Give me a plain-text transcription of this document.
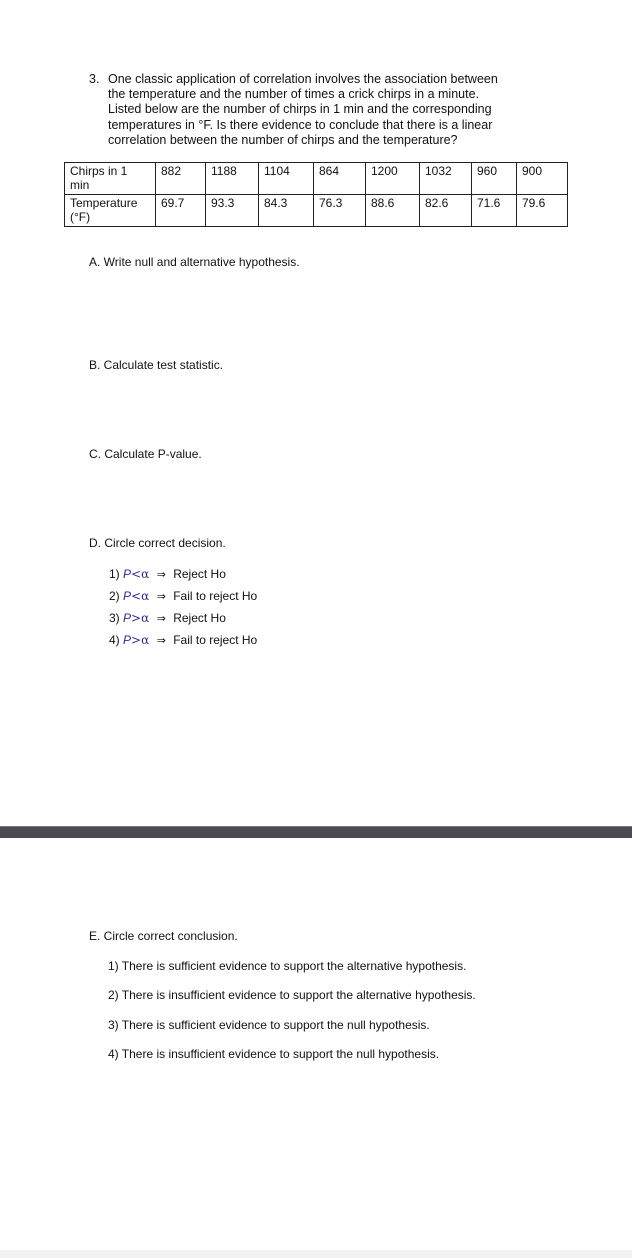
3. One classic application of correlation involves the association between
the temperature and the number of times a crick chirps in a minute.
Listed below are the number of chirps in 1 min and the corresponding
temperatures in °F. Is there evidence to conclude that there is a linear
correlation between the number of chirps and the temperature?
Chirps in 1
min	882	1188	1104	864	1200	1032	960	900

Temperature
(°F)	69.7	93.3	84.3	76.3	88.6	82.6	71.6	79.6
A. Write null and alternative hypothesis.
B. Calculate test statistic.
C. Calculate P-value.
D. Circle correct decision.
1) P<α ⇒ Reject Ho
2) P<α ⇒ Fail to reject Ho
3) P>α ⇒ Reject Ho
4) P>α ⇒ Fail to reject Ho
E. Circle correct conclusion.
1) There is sufficient evidence to support the alternative hypothesis.
2) There is insufficient evidence to support the alternative hypothesis.
3) There is sufficient evidence to support the null hypothesis.
4) There is insufficient evidence to support the null hypothesis.
